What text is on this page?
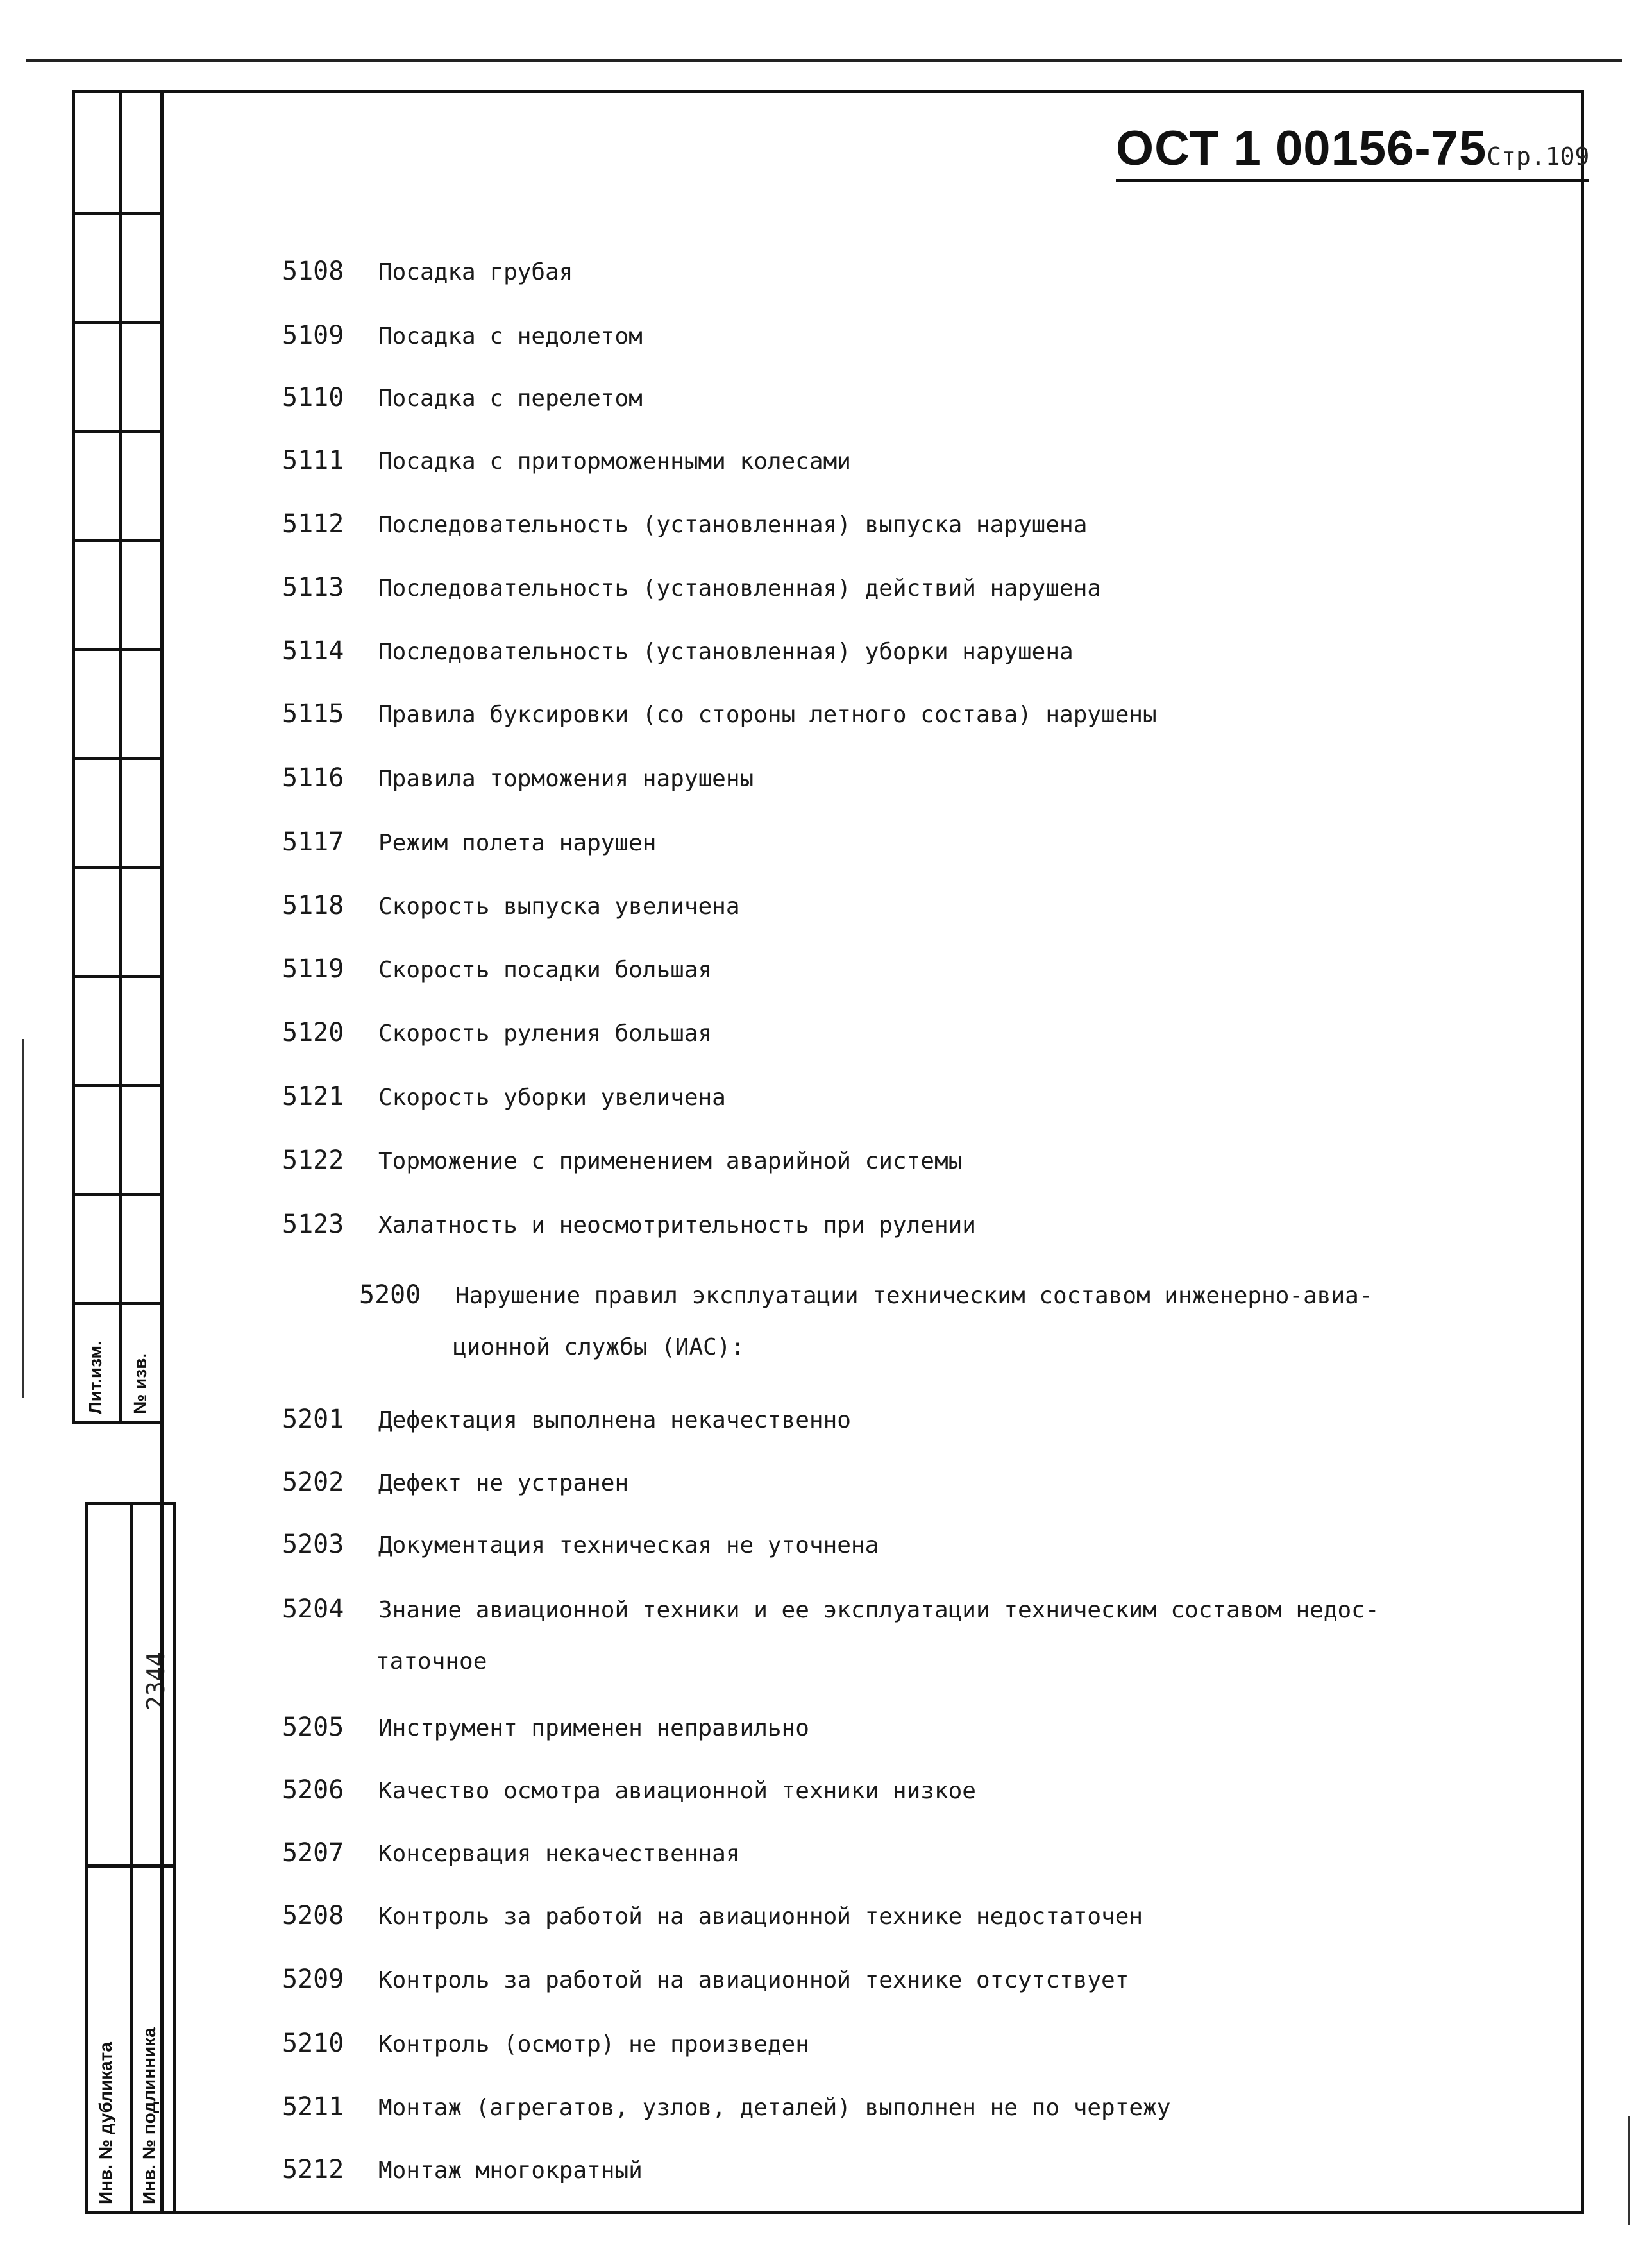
Лит.изм. № изв.
2344
Инв. № дубликата Инв. № подлинника
ОСТ 1 00156-75Стр.109
5108 Посадка грубая
5109 Посадка с недолетом
5110 Посадка с перелетом
5111 Посадка с приторможенными колесами
5112 Последовательность (установленная) выпуска нарушена
5113 Последовательность (установленная) действий нарушена
5114 Последовательность (установленная) уборки нарушена
5115 Правила буксировки (со стороны летного состава) нарушены
5116 Правила торможения нарушены
5117 Режим полета нарушен
5118 Скорость выпуска увеличена
5119 Скорость посадки большая
5120 Скорость руления большая
5121 Скорость уборки увеличена
5122 Торможение с применением аварийной системы
5123 Халатность и неосмотрительность при рулении
5200 Нарушение правил эксплуатации техническим составом инженерно-авиа-
ционной службы (ИАС):
5201 Дефектация выполнена некачественно
5202 Дефект не устранен
5203 Документация техническая не уточнена
5204 Знание авиационной техники и ее эксплуатации техническим составом недос-
таточное
5205 Инструмент применен неправильно
5206 Качество осмотра авиационной техники низкое
5207 Консервация некачественная
5208 Контроль за работой на авиационной технике недостаточен
5209 Контроль за работой на авиационной технике отсутствует
5210 Контроль (осмотр) не произведен
5211 Монтаж (агрегатов, узлов, деталей) выполнен не по чертежу
5212 Монтаж многократный
